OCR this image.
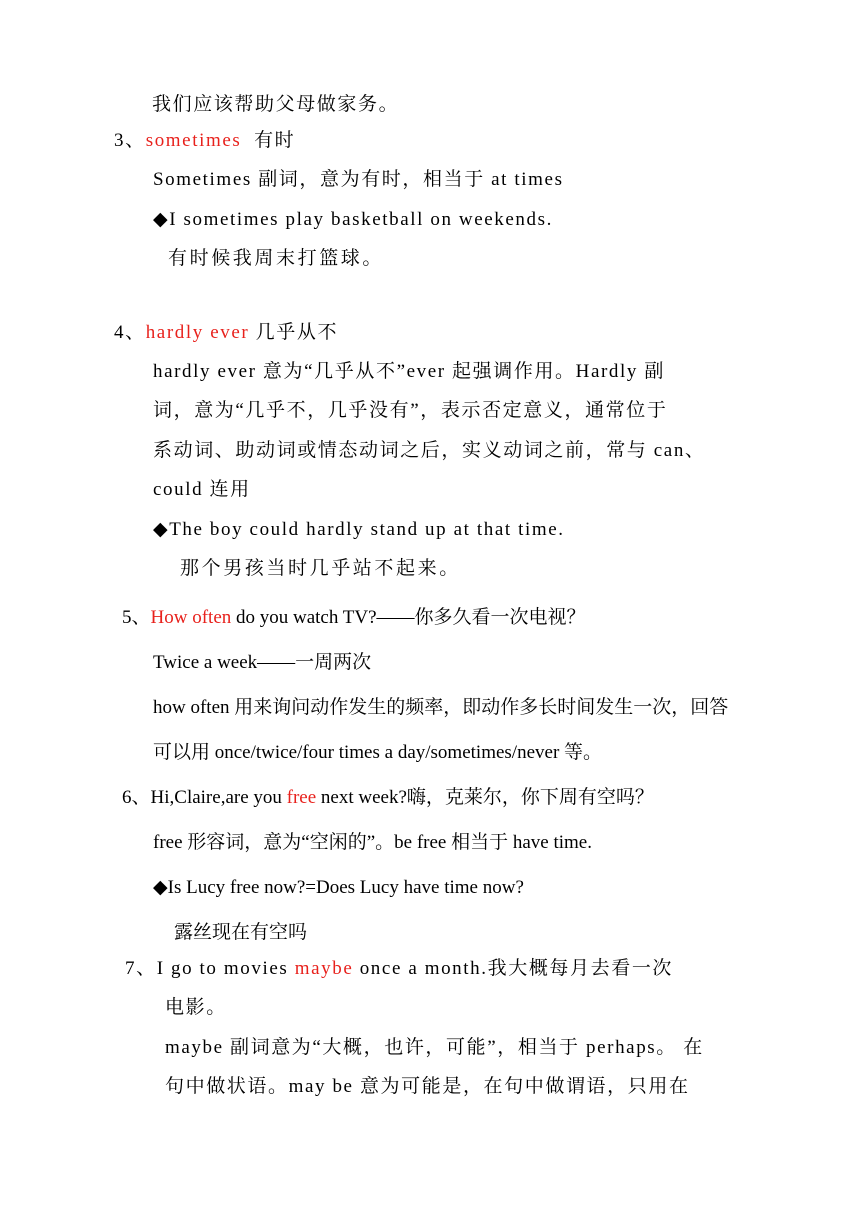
我们应该帮助父母做家务。
3、sometimes 有时
Sometimes 副词，意为有时，相当于 at times
◆I sometimes play basketball on weekends.
有时候我周末打篮球。
4、hardly ever 几乎从不
hardly ever 意为“几乎从不”ever 起强调作用。Hardly 副
词，意为“几乎不，几乎没有”，表示否定意义，通常位于
系动词、助动词或情态动词之后，实义动词之前，常与 can、
could 连用
◆The boy could hardly stand up at that time.
那个男孩当时几乎站不起来。
5、How often do you watch TV?——你多久看一次电视？
Twice a week——一周两次
how often 用来询问动作发生的频率，即动作多长时间发生一次，回答
可以用 once/twice/four times a day/sometimes/never 等。
6、Hi,Claire,are you free next week?嗨，克莱尔，你下周有空吗？
free 形容词，意为“空闲的”。be free 相当于 have time.
◆Is Lucy free now?=Does Lucy have time now?
露丝现在有空吗
7、I go to movies maybe once a month.我大概每月去看一次
电影。
maybe 副词意为“大概，也许，可能”，相当于 perhaps。 在
句中做状语。may be 意为可能是，在句中做谓语，只用在
